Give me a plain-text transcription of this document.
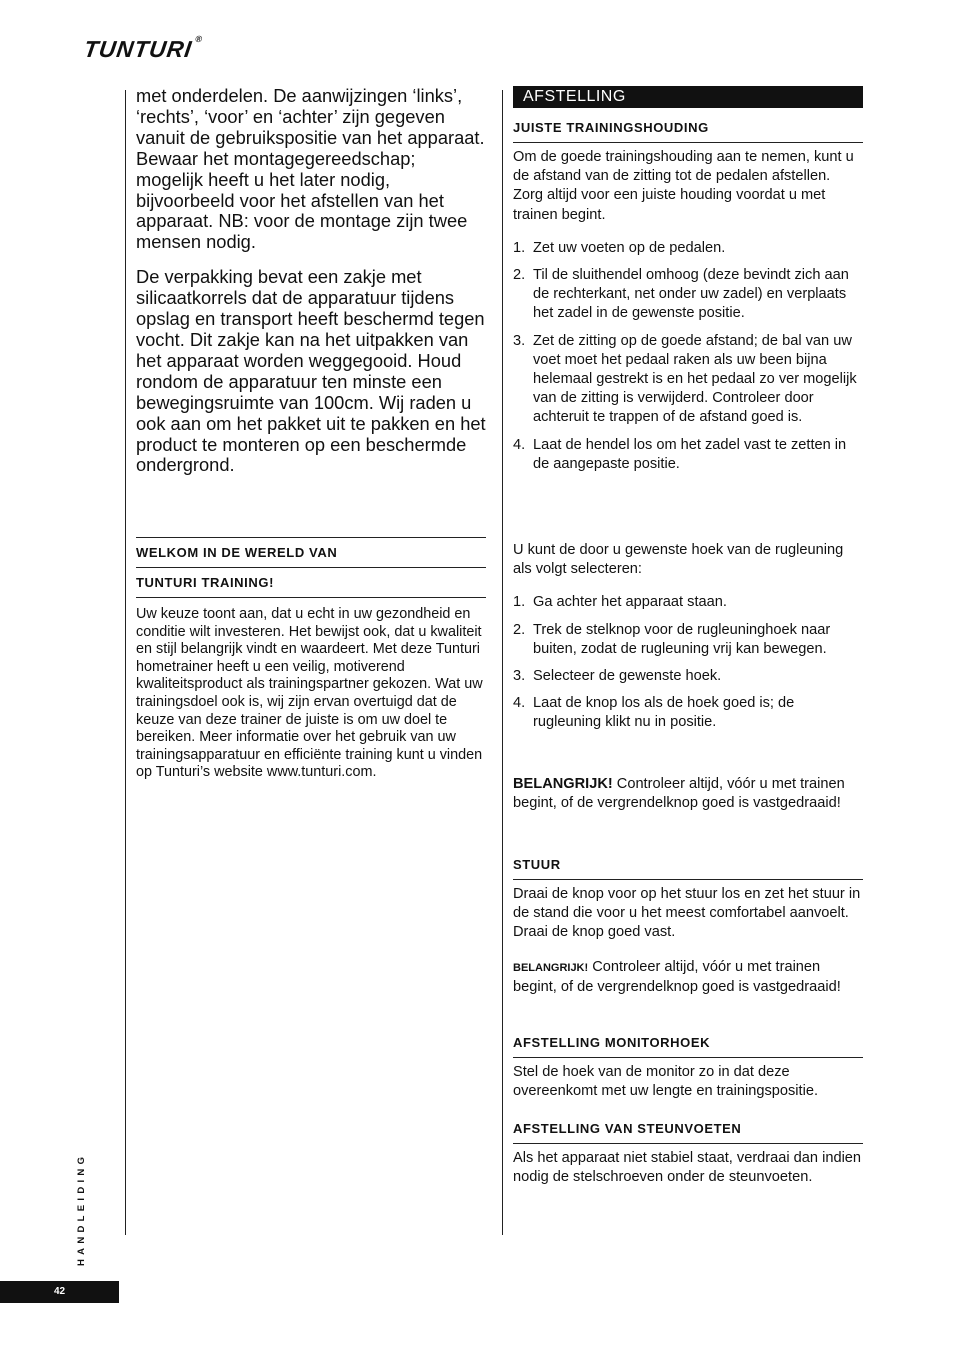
TUNTURI®

met onderdelen. De aanwijzingen ‘links’, ‘rechts’, ‘voor’ en ‘achter’ zijn gegeven vanuit de gebruikspositie van het apparaat. Bewaar het montagegereedschap; mogelijk heeft u het later nodig, bijvoorbeeld voor het afstellen van het apparaat. NB: voor de montage zijn twee mensen nodig.

De verpakking bevat een zakje met silicaatkorrels dat de apparatuur tijdens opslag en transport heeft beschermd tegen vocht. Dit zakje kan na het uitpakken van het apparaat worden weggegooid. Houd rondom de apparatuur ten minste een bewegingsruimte van 100cm. Wij raden u ook aan om het pakket uit te pakken en het product te monteren op een beschermde ondergrond.

WELKOM IN DE WERELD VAN
TUNTURI TRAINING!

Uw keuze toont aan, dat u echt in uw gezondheid en conditie wilt investeren. Het bewijst ook, dat u kwaliteit en stijl belangrijk vindt en waardeert. Met deze Tunturi hometrainer heeft u een veilig, motiverend kwaliteitsproduct als trainingspartner gekozen. Wat uw trainingsdoel ook is, wij zijn ervan overtuigd dat de keuze van deze trainer de juiste is om uw doel te bereiken. Meer informatie over het gebruik van uw trainingsapparatuur en efficiënte training kunt u vinden op Tunturi’s website www.tunturi.com.

AFSTELLING
JUISTE TRAININGSHOUDING

Om de goede trainingshouding aan te nemen, kunt u de afstand van de zitting tot de pedalen afstellen. Zorg altijd voor een juiste houding voordat u met trainen begint.

1. Zet uw voeten op de pedalen.
2. Til de sluithendel omhoog (deze bevindt zich aan de rechterkant, net onder uw zadel) en verplaats het zadel in de gewenste positie.
3. Zet de zitting op de goede afstand; de bal van uw voet moet het pedaal raken als uw been bijna helemaal gestrekt is en het pedaal zo ver mogelijk van de zitting is verwijderd. Controleer door achteruit te trappen of de afstand goed is.
4. Laat de hendel los om het zadel vast te zetten in de aangepaste positie.

U kunt de door u gewenste hoek van de rugleuning als volgt selecteren:

1. Ga achter het apparaat staan.
2. Trek de stelknop voor de rugleuninghoek naar buiten, zodat de rugleuning vrij kan bewegen.
3. Selecteer de gewenste hoek.
4. Laat de knop los als de hoek goed is; de rugleuning klikt nu in positie.

BELANGRIJK! Controleer altijd, vóór u met trainen begint, of de vergrendelknop goed is vastgedraaid!

STUUR

Draai de knop voor op het stuur los en zet het stuur in de stand die voor u het meest comfortabel aanvoelt. Draai de knop goed vast.

BELANGRIJK! Controleer altijd, vóór u met trainen begint, of de vergrendelknop goed is vastgedraaid!

AFSTELLING MONITORHOEK

Stel de hoek van de monitor zo in dat deze overeenkomt met uw lengte en trainingspositie.

AFSTELLING VAN STEUNVOETEN

Als het apparaat niet stabiel staat, verdraai dan indien nodig de stelschroeven onder de steunvoeten.

HANDLEIDING
42
